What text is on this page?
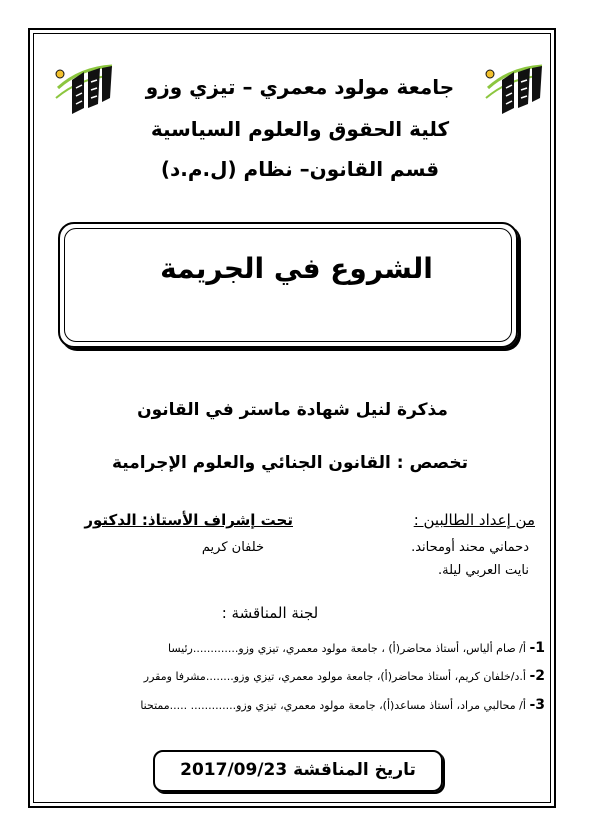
جامعة مولود معمري – تيزي وزو
كلية الحقوق والعلوم السياسية
قسم القانون– نظام (ل.م.د)
الشروع في الجريمة
مذكرة لنيل شهادة ماستر في القانون
تخصص : القانون الجنائي والعلوم الإجرامية
من إعداد الطالبين :
تحت إشراف الأستاذ: الدكتور
دحماني محند أومحاند.
نايت العربي ليلة.
خلفان كريم
لجنة المناقشة :
1- أ/ صام ألياس، أستاذ محاضر(أ) ، جامعة مولود معمري، تيزي وزو.............رئيسا
2- أ.د/خلفان كريم، أستاذ محاضر(أ)، جامعة مولود معمري، تيزي وزو........مشرفا ومقرر
3- أ/ محالبي مراد، أستاذ مساعد(أ)، جامعة مولود معمري، تيزي وزو............. .....ممتحنا
تاريخ المناقشة 2017/09/23
